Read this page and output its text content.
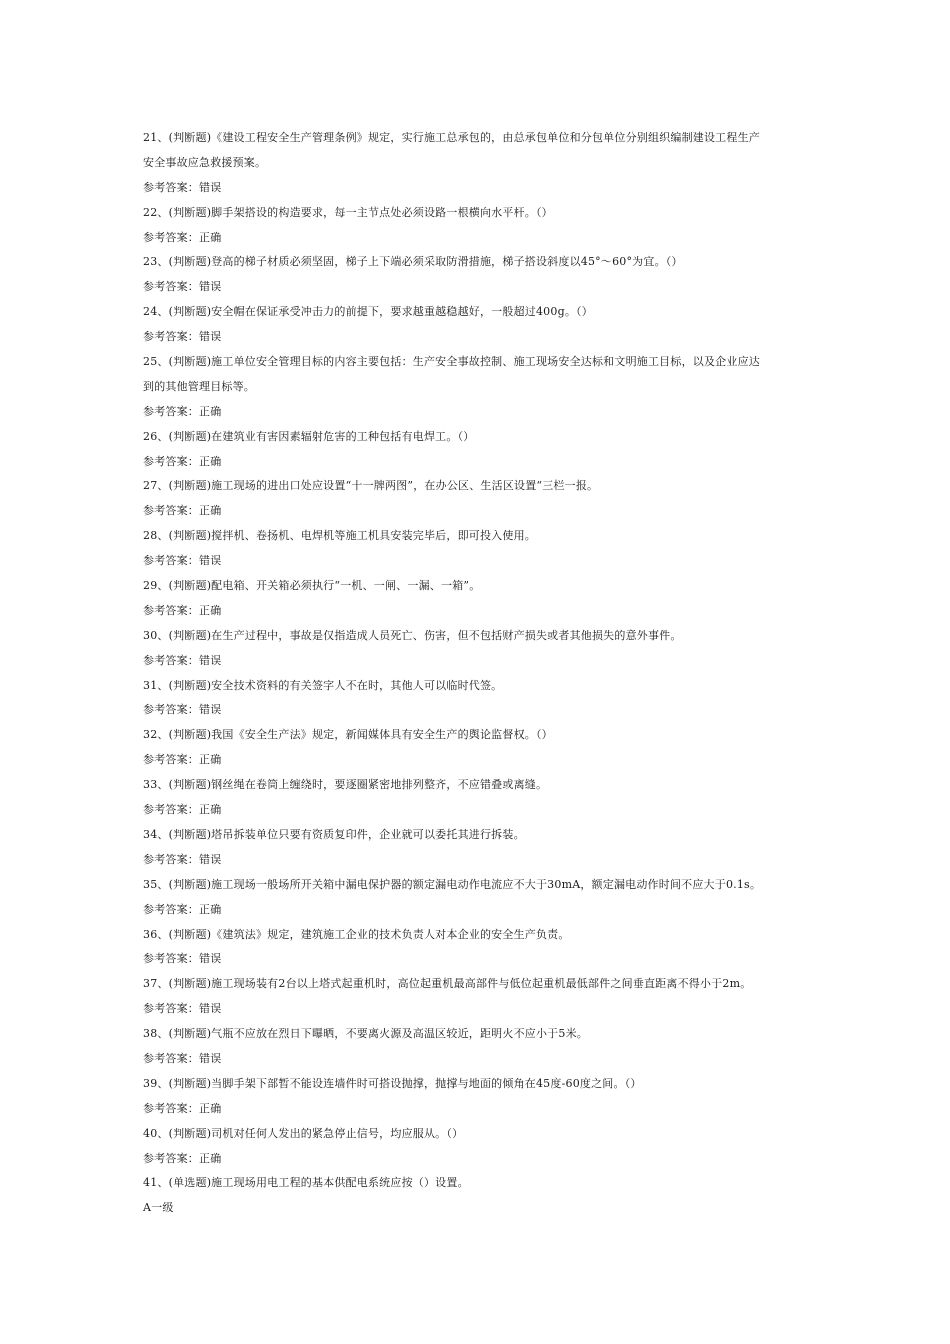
21、(判断题)《建设工程安全生产管理条例》规定，实行施工总承包的，由总承包单位和分包单位分别组织编制建设工程生产
安全事故应急救援预案。
参考答案：错误
22、(判断题)脚手架搭设的构造要求，每一主节点处必须设路一根横向水平杆。（）
参考答案：正确
23、(判断题)登高的梯子材质必须坚固，梯子上下端必须采取防滑措施，梯子搭设斜度以45°～60°为宜。（）
参考答案：错误
24、(判断题)安全帽在保证承受冲击力的前提下，要求越重越稳越好，一般超过400g。（）
参考答案：错误
25、(判断题)施工单位安全管理目标的内容主要包括：生产安全事故控制、施工现场安全达标和文明施工目标，以及企业应达
到的其他管理目标等。
参考答案：正确
26、(判断题)在建筑业有害因素辐射危害的工种包括有电焊工。（）
参考答案：正确
27、(判断题)施工现场的进出口处应设置“十一牌两图”，在办公区、生活区设置“三栏一报。
参考答案：正确
28、(判断题)搅拌机、卷扬机、电焊机等施工机具安装完毕后，即可投入使用。
参考答案：错误
29、(判断题)配电箱、开关箱必须执行“一机、一闸、一漏、一箱”。
参考答案：正确
30、(判断题)在生产过程中，事故是仅指造成人员死亡、伤害，但不包括财产损失或者其他损失的意外事件。
参考答案：错误
31、(判断题)安全技术资料的有关签字人不在时，其他人可以临时代签。
参考答案：错误
32、(判断题)我国《安全生产法》规定，新闻媒体具有安全生产的舆论监督权。（）
参考答案：正确
33、(判断题)钢丝绳在卷筒上缠绕时，要逐圈紧密地排列整齐，不应错叠或离缝。
参考答案：正确
34、(判断题)塔吊拆装单位只要有资质复印件，企业就可以委托其进行拆装。
参考答案：错误
35、(判断题)施工现场一般场所开关箱中漏电保护器的额定漏电动作电流应不大于30mA，额定漏电动作时间不应大于0.1s。
参考答案：正确
36、(判断题)《建筑法》规定，建筑施工企业的技术负责人对本企业的安全生产负责。
参考答案：错误
37、(判断题)施工现场装有2台以上塔式起重机时，高位起重机最高部件与低位起重机最低部件之间垂直距离不得小于2m。
参考答案：错误
38、(判断题)气瓶不应放在烈日下曝晒，不要离火源及高温区较近，距明火不应小于5米。
参考答案：错误
39、(判断题)当脚手架下部暂不能设连墙件时可搭设抛撑，抛撑与地面的倾角在45度-60度之间。（）
参考答案：正确
40、(判断题)司机对任何人发出的紧急停止信号，均应服从。（）
参考答案：正确
41、(单选题)施工现场用电工程的基本供配电系统应按（）设置。
A一级
